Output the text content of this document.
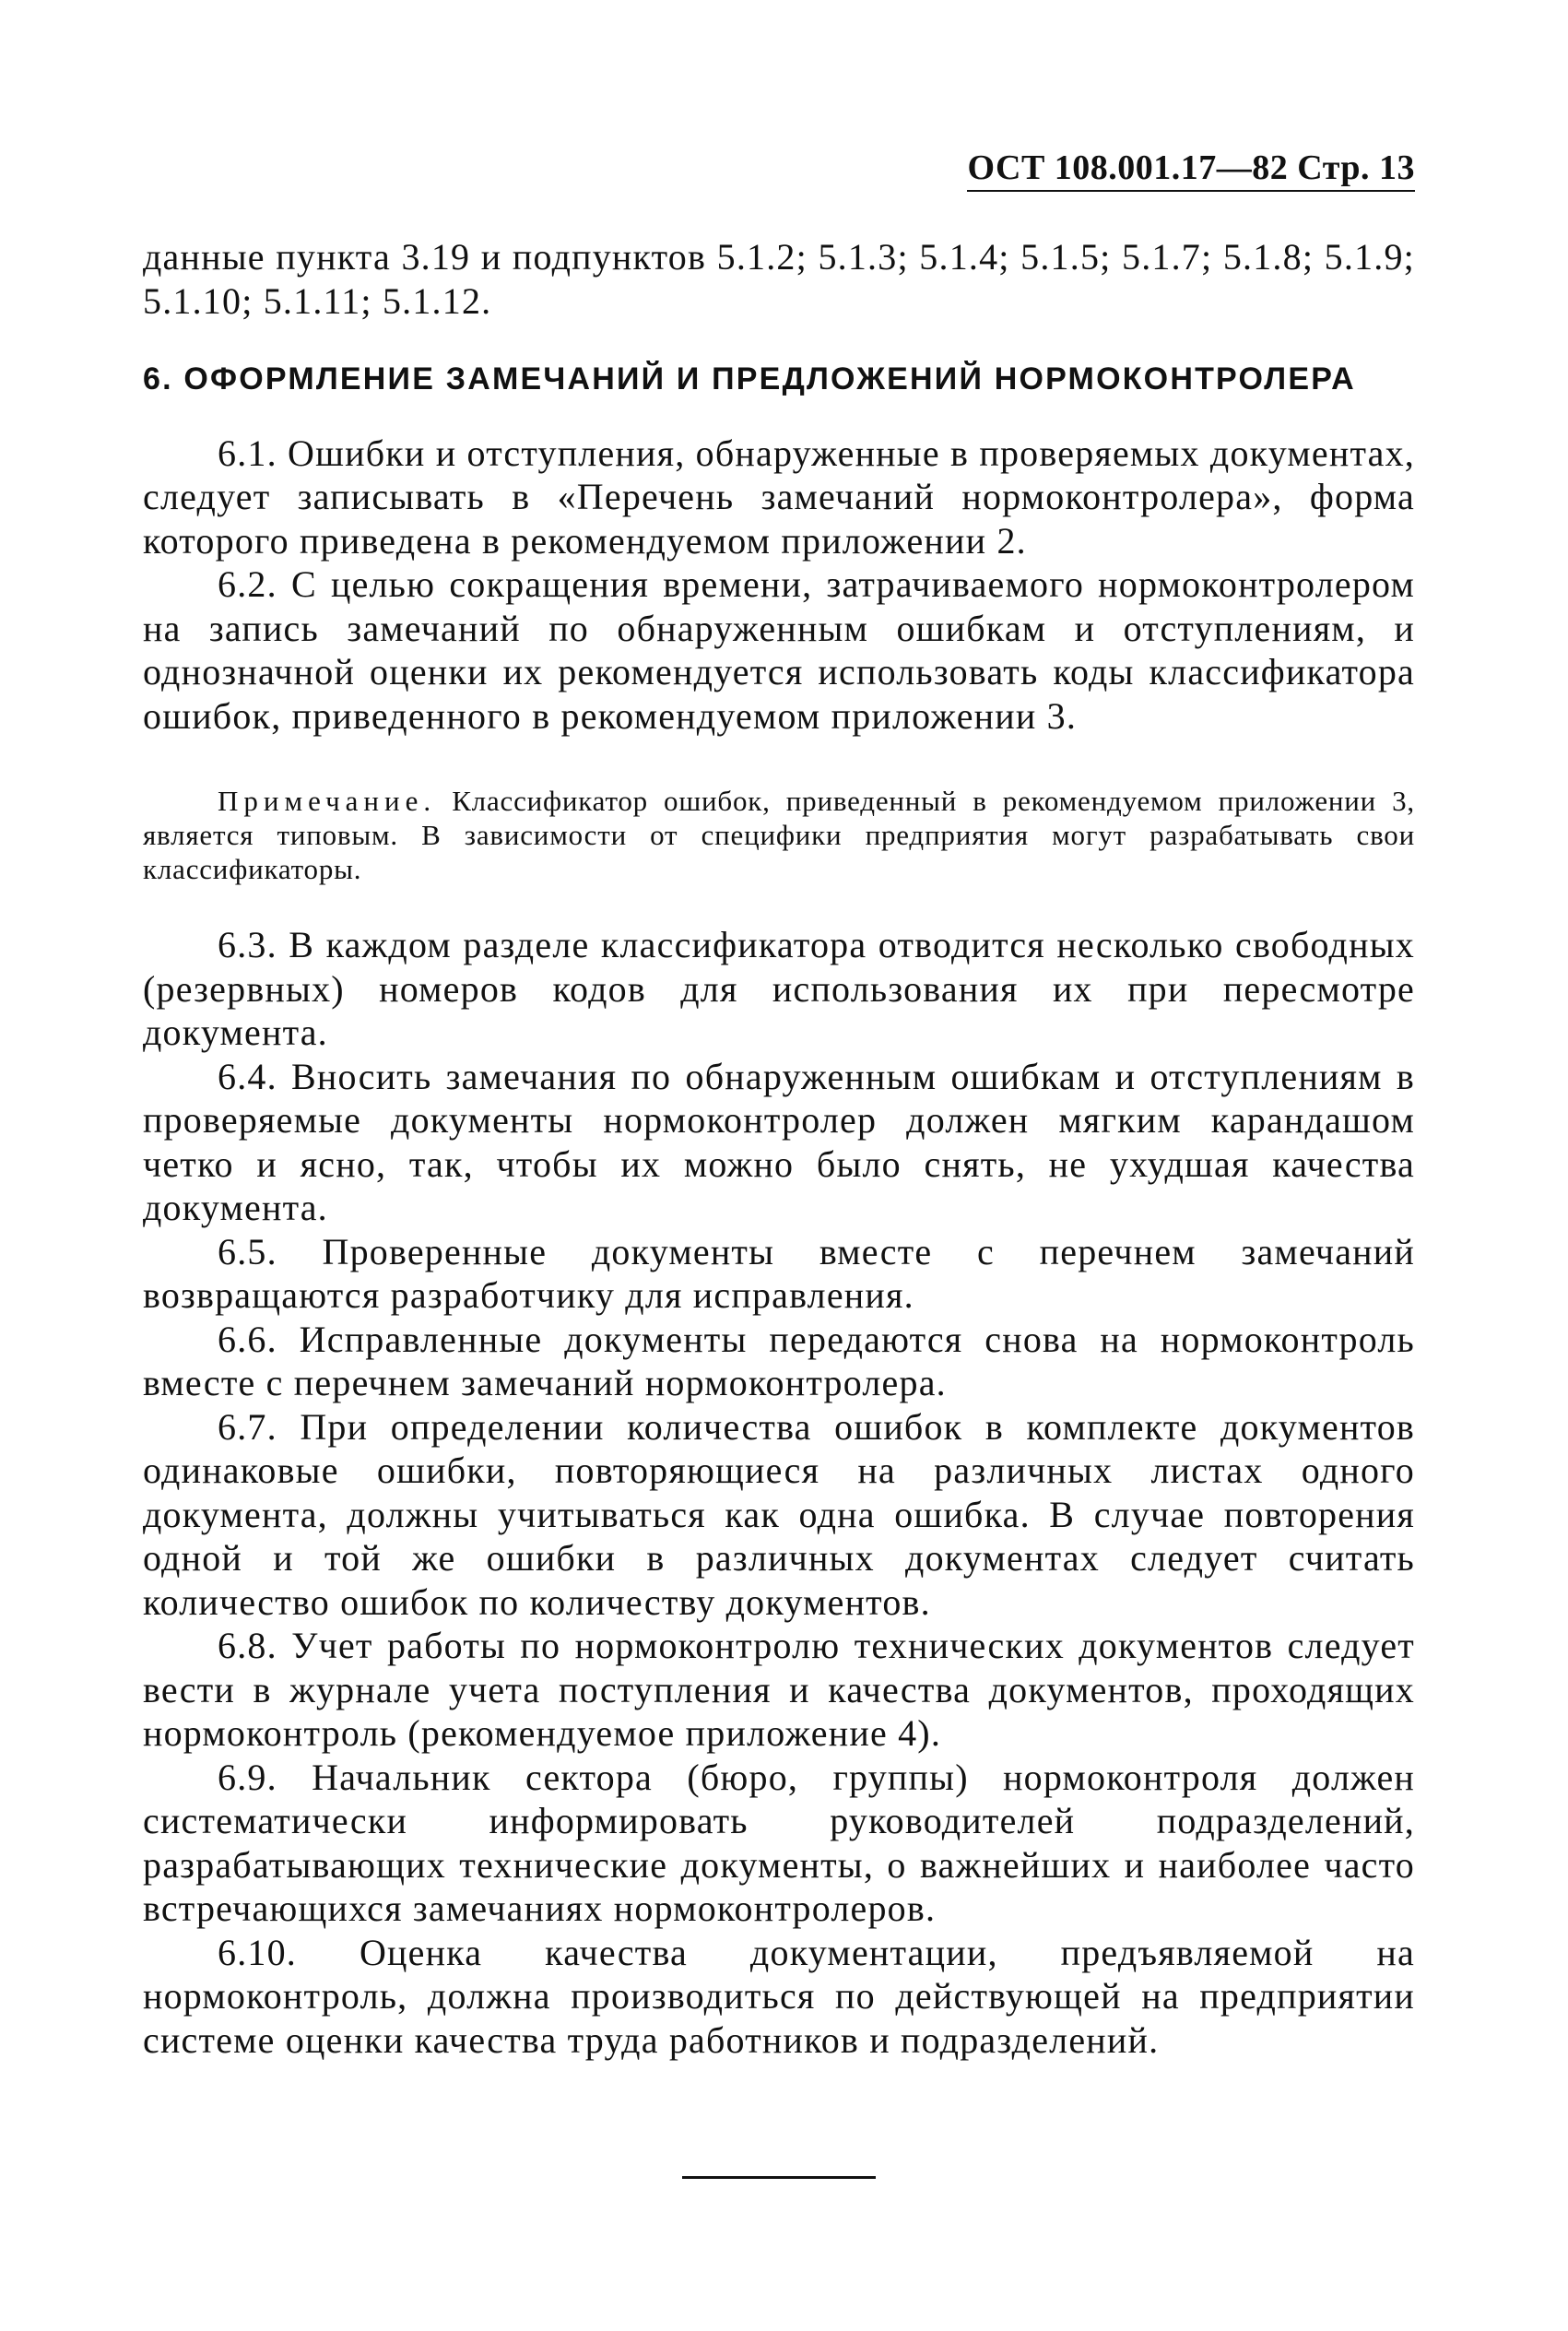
ОСТ 108.001.17—82 Стр. 13

данные пункта 3.19 и подпунктов 5.1.2; 5.1.3; 5.1.4; 5.1.5; 5.1.7; 5.1.8; 5.1.9; 5.1.10; 5.1.11; 5.1.12.

6. ОФОРМЛЕНИЕ ЗАМЕЧАНИЙ И ПРЕДЛОЖЕНИЙ НОРМОКОНТРОЛЕРА

6.1. Ошибки и отступления, обнаруженные в проверяемых документах, следует записывать в «Перечень замечаний нормоконтролера», форма которого приведена в рекомендуемом приложении 2.

6.2. С целью сокращения времени, затрачиваемого нормоконтролером на запись замечаний по обнаруженным ошибкам и отступлениям, и однозначной оценки их рекомендуется использовать коды классификатора ошибок, приведенного в рекомендуемом приложении 3.

Примечание. Классификатор ошибок, приведенный в рекомендуемом приложении 3, является типовым. В зависимости от специфики предприятия могут разрабатывать свои классификаторы.

6.3. В каждом разделе классификатора отводится несколько свободных (резервных) номеров кодов для использования их при пересмотре документа.

6.4. Вносить замечания по обнаруженным ошибкам и отступлениям в проверяемые документы нормоконтролер должен мягким карандашом четко и ясно, так, чтобы их можно было снять, не ухудшая качества документа.

6.5. Проверенные документы вместе с перечнем замечаний возвращаются разработчику для исправления.

6.6. Исправленные документы передаются снова на нормоконтроль вместе с перечнем замечаний нормоконтролера.

6.7. При определении количества ошибок в комплекте документов одинаковые ошибки, повторяющиеся на различных листах одного документа, должны учитываться как одна ошибка. В случае повторения одной и той же ошибки в различных документах следует считать количество ошибок по количеству документов.

6.8. Учет работы по нормоконтролю технических документов следует вести в журнале учета поступления и качества документов, проходящих нормоконтроль (рекомендуемое приложение 4).

6.9. Начальник сектора (бюро, группы) нормоконтроля должен систематически информировать руководителей подразделений, разрабатывающих технические документы, о важнейших и наиболее часто встречающихся замечаниях нормоконтролеров.

6.10. Оценка качества документации, предъявляемой на нормоконтроль, должна производиться по действующей на предприятии системе оценки качества труда работников и подразделений.
